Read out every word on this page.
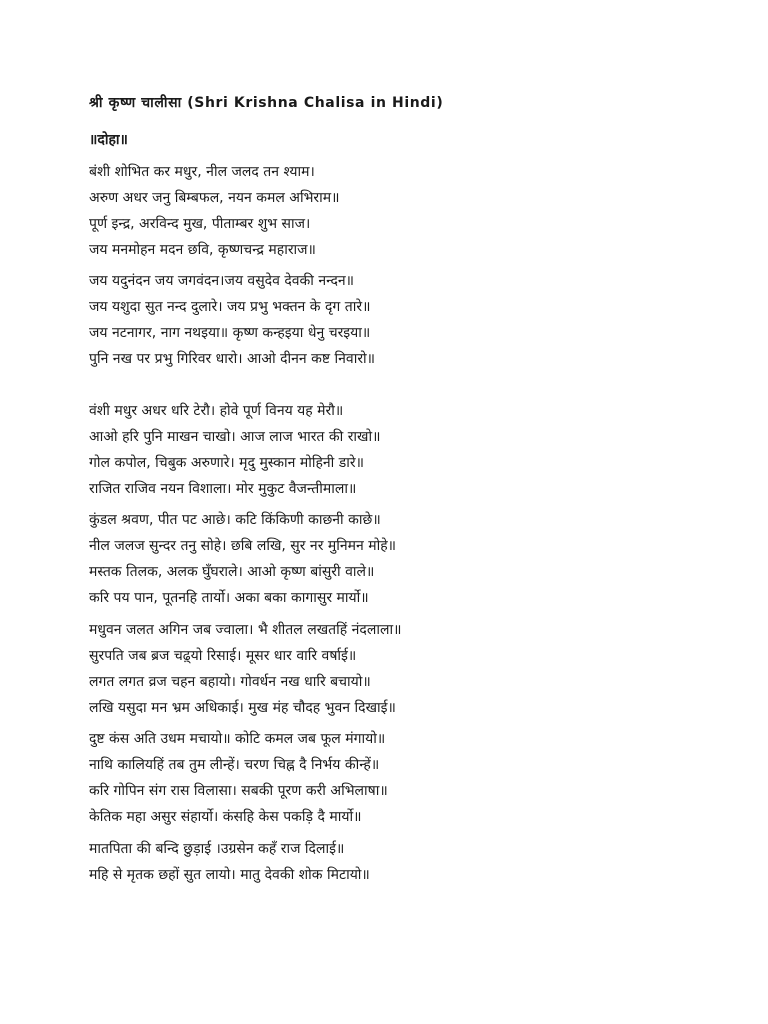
श्री कृष्ण चालीसा (Shri Krishna Chalisa in Hindi)
॥दोहा॥
बंशी शोभित कर मधुर, नील जलद तन श्याम।
अरुण अधर जनु बिम्बफल, नयन कमल अभिराम॥
पूर्ण इन्द्र, अरविन्द मुख, पीताम्बर शुभ साज।
जय मनमोहन मदन छवि, कृष्णचन्द्र महाराज॥
जय यदुनंदन जय जगवंदन।जय वसुदेव देवकी नन्दन॥
जय यशुदा सुत नन्द दुलारे। जय प्रभु भक्तन के दृग तारे॥
जय नटनागर, नाग नथइया॥ कृष्ण कन्हइया धेनु चरइया॥
पुनि नख पर प्रभु गिरिवर धारो। आओ दीनन कष्ट निवारो॥
वंशी मधुर अधर धरि टेरौ। होवे पूर्ण विनय यह मेरौ॥
आओ हरि पुनि माखन चाखो। आज लाज भारत की राखो॥
गोल कपोल, चिबुक अरुणारे। मृदु मुस्कान मोहिनी डारे॥
राजित राजिव नयन विशाला। मोर मुकुट वैजन्तीमाला॥
कुंडल श्रवण, पीत पट आछे। कटि किंकिणी काछनी काछे॥
नील जलज सुन्दर तनु सोहे। छबि लखि, सुर नर मुनिमन मोहे॥
मस्तक तिलक, अलक घुँघराले। आओ कृष्ण बांसुरी वाले॥
करि पय पान, पूतनहि तार्यो। अका बका कागासुर मार्यो॥
मधुवन जलत अगिन जब ज्वाला। भै शीतल लखतहिं नंदलाला॥
सुरपति जब ब्रज चढ़्यो रिसाई। मूसर धार वारि वर्षाई॥
लगत लगत व्रज चहन बहायो। गोवर्धन नख धारि बचायो॥
लखि यसुदा मन भ्रम अधिकाई। मुख मंह चौदह भुवन दिखाई॥
दुष्ट कंस अति उधम मचायो॥ कोटि कमल जब फूल मंगायो॥
नाथि कालियहिं तब तुम लीन्हें। चरण चिह्न दै निर्भय कीन्हें॥
करि गोपिन संग रास विलासा। सबकी पूरण करी अभिलाषा॥
केतिक महा असुर संहार्यो। कंसहि केस पकड़ि दै मार्यो॥
मातपिता की बन्दि छुड़ाई ।उग्रसेन कहँ राज दिलाई॥
महि से मृतक छहों सुत लायो। मातु देवकी शोक मिटायो॥
